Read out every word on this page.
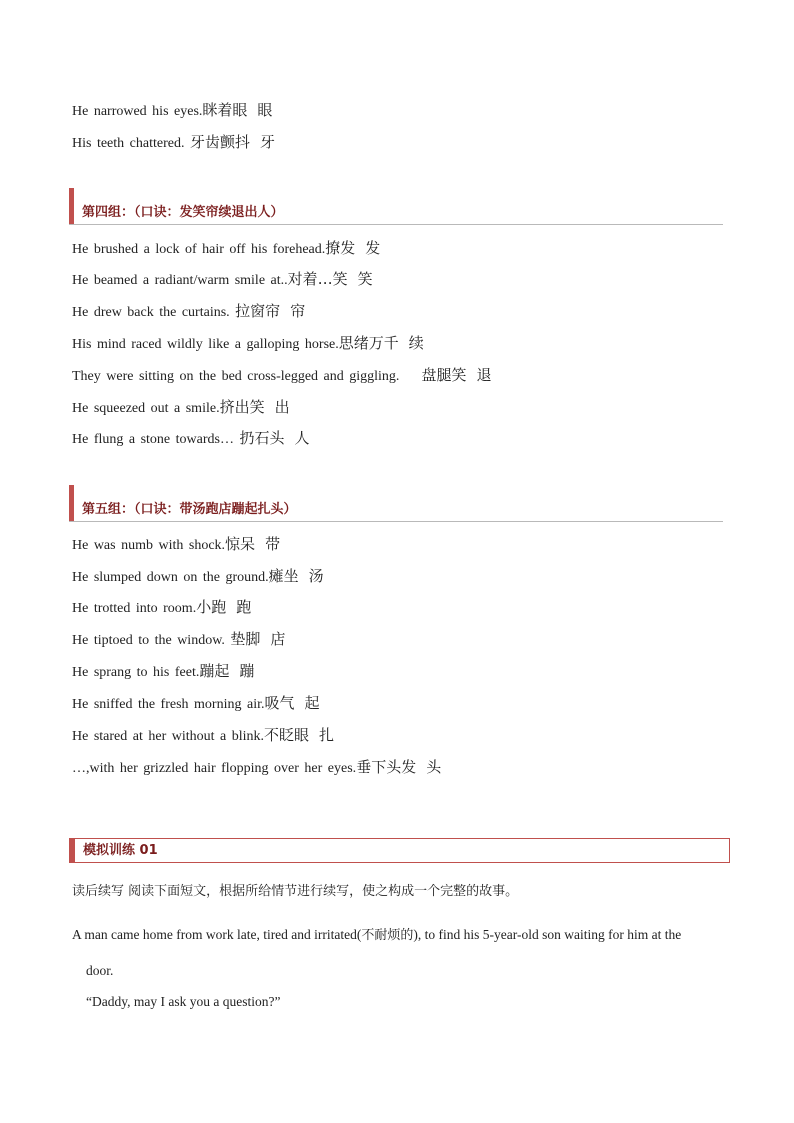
He narrowed his eyes.眯着眼 眼
His teeth chattered. 牙齿颤抖 牙
第四组：（口诀：发笑帘续退出人）
He brushed a lock of hair off his forehead.撩发 发
He beamed a radiant/warm smile at..对着…笑 笑
He drew back the curtains. 拉窗帘 帘
His mind raced wildly like a galloping horse.思绪万千 续
They were sitting on the bed cross-legged and giggling. 盘腿笑 退
He squeezed out a smile.挤出笑 出
He flung a stone towards… 扔石头 人
第五组：（口诀：带汤跑店蹦起扎头）
He was numb with shock.惊呆 带
He slumped down on the ground.瘫坐 汤
He trotted into room.小跑 跑
He tiptoed to the window. 垫脚 店
He sprang to his feet.蹦起 蹦
He sniffed the fresh morning air.吸气 起
He stared at her without a blink.不眨眼 扎
…,with her grizzled hair flopping over her eyes.垂下头发 头
模拟训练 01
读后续写 阅读下面短文，根据所给情节进行续写，使之构成一个完整的故事。
A man came home from work late, tired and irritated(不耐烦的), to find his 5-year-old son waiting for him at the
door.
“Daddy, may I ask you a question?”
